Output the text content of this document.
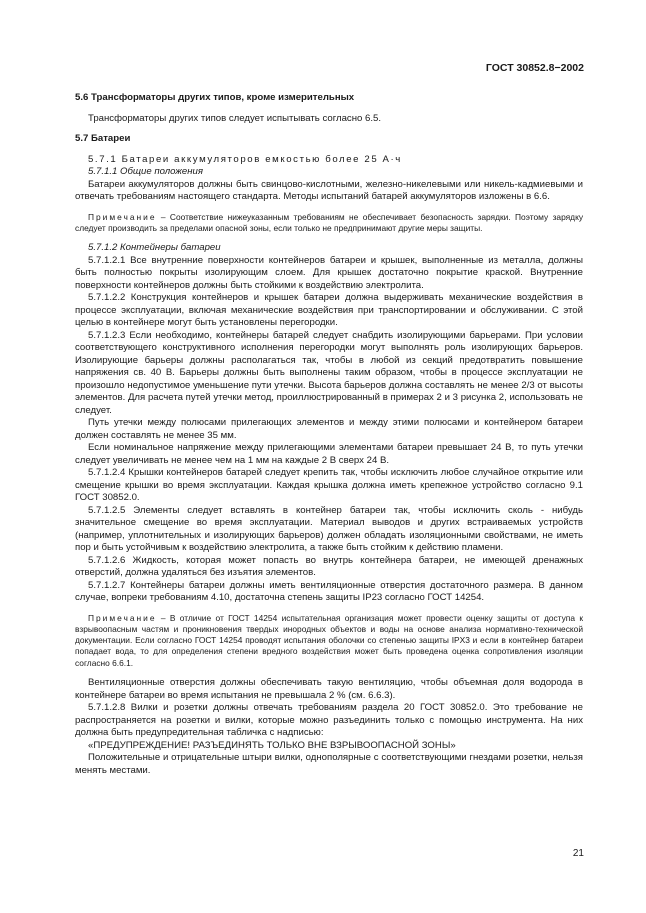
ГОСТ 30852.8−2002

5.6 Трансформаторы других типов, кроме измерительных

Трансформаторы других типов следует испытывать согласно 6.5.

5.7 Батареи

5.7.1 Батареи аккумуляторов емкостью более 25 А·ч

5.7.1.1 Общие положения

Батареи аккумуляторов должны быть свинцово-кислотными, железно-никелевыми или никель-кадмиевыми и отвечать требованиям настоящего стандарта. Методы испытаний батарей аккумуляторов изложены в 6.6.

Примечание – Соответствие нижеуказанным требованиям не обеспечивает безопасность зарядки. Поэтому зарядку следует производить за пределами опасной зоны, если только не предпринимают другие меры защиты.

5.7.1.2 Контейнеры батареи

5.7.1.2.1 Все внутренние поверхности контейнеров батареи и крышек, выполненные из металла, должны быть полностью покрыты изолирующим слоем. Для крышек достаточно покрытие краской. Внутренние поверхности контейнеров должны быть стойкими к воздействию электролита.

5.7.1.2.2 Конструкция контейнеров и крышек батареи должна выдерживать механические воздействия в процессе эксплуатации, включая механические воздействия при транспортировании и обслуживании. С этой целью в контейнере могут быть установлены перегородки.

5.7.1.2.3 Если необходимо, контейнеры батарей следует снабдить изолирующими барьерами. При условии соответствующего конструктивного исполнения перегородки могут выполнять роль изолирующих барьеров. Изолирующие барьеры должны располагаться так, чтобы в любой из секций предотвратить повышение напряжения св. 40 В. Барьеры должны быть выполнены таким образом, чтобы в процессе эксплуатации не произошло недопустимое уменьшение пути утечки. Высота барьеров должна составлять не менее 2/3 от высоты элементов. Для расчета путей утечки метод, проиллюстрированный в примерах 2 и 3 рисунка 2, использовать не следует.

Путь утечки между полюсами прилегающих элементов и между этими полюсами и контейнером батареи должен составлять не менее 35 мм.

Если номинальное напряжение между прилегающими элементами батареи превышает 24 В, то путь утечки следует увеличивать не менее чем на 1 мм на каждые 2 В сверх 24 В.

5.7.1.2.4 Крышки контейнеров батарей следует крепить так, чтобы исключить любое случайное открытие или смещение крышки во время эксплуатации. Каждая крышка должна иметь крепежное устройство согласно 9.1 ГОСТ 30852.0.

5.7.1.2.5 Элементы следует вставлять в контейнер батареи так, чтобы исключить сколь - нибудь значительное смещение во время эксплуатации. Материал выводов и других встраиваемых устройств (например, уплотнительных и изолирующих барьеров) должен обладать изоляционными свойствами, не иметь пор и быть устойчивым к воздействию электролита, а также быть стойким к действию пламени.

5.7.1.2.6 Жидкость, которая может попасть во внутрь контейнера батареи, не имеющей дренажных отверстий, должна удаляться без изъятия элементов.

5.7.1.2.7 Контейнеры батареи должны иметь вентиляционные отверстия достаточного размера. В данном случае, вопреки требованиям 4.10, достаточна степень защиты IP23 согласно ГОСТ 14254.

Примечание – В отличие от ГОСТ 14254 испытательная организация может провести оценку защиты от доступа к взрывоопасным частям и проникновения твердых инородных объектов и воды на основе анализа нормативно-технической документации. Если согласно ГОСТ 14254 проводят испытания оболочки со степенью защиты IPX3 и если в контейнер батареи попадает вода, то для определения степени вредного воздействия может быть проведена оценка сопротивления изоляции согласно 6.6.1.

Вентиляционные отверстия должны обеспечивать такую вентиляцию, чтобы объемная доля водорода в контейнере батареи во время испытания не превышала 2 % (см. 6.6.3).

5.7.1.2.8 Вилки и розетки должны отвечать требованиям раздела 20 ГОСТ 30852.0. Это требование не распространяется на розетки и вилки, которые можно разъединить только с помощью инструмента. На них должна быть предупредительная табличка с надписью:

«ПРЕДУПРЕЖДЕНИЕ! РАЗЪЕДИНЯТЬ ТОЛЬКО ВНЕ ВЗРЫВООПАСНОЙ ЗОНЫ»

Положительные и отрицательные штыри вилки, однополярные с соответствующими гнездами розетки, нельзя менять местами.

21
